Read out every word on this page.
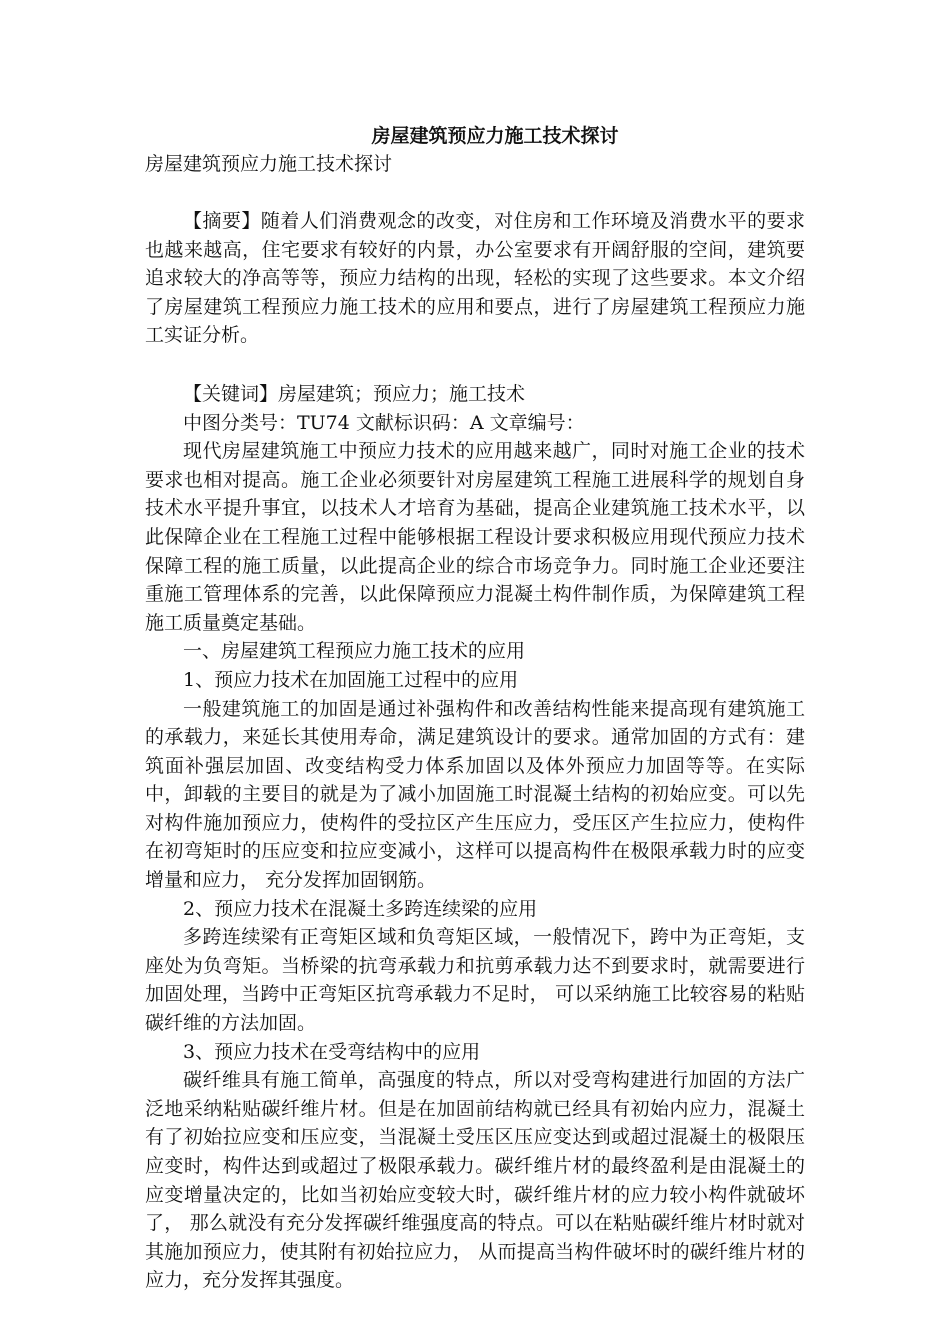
房屋建筑预应力施工技术探讨
房屋建筑预应力施工技术探讨

【摘要】随着人们消费观念的改变，对住房和工作环境及消费水平的要求也越来越高，住宅要求有较好的内景，办公室要求有开阔舒服的空间，建筑要追求较大的净高等等，预应力结构的出现，轻松的实现了这些要求。本文介绍了房屋建筑工程预应力施工技术的应用和要点，进行了房屋建筑工程预应力施工实证分析。

【关键词】房屋建筑；预应力；施工技术

中图分类号：TU74 文献标识码：A 文章编号：

现代房屋建筑施工中预应力技术的应用越来越广，同时对施工企业的技术要求也相对提高。施工企业必须要针对房屋建筑工程施工进展科学的规划自身技术水平提升事宜，以技术人才培育为基础，提高企业建筑施工技术水平，以此保障企业在工程施工过程中能够根据工程设计要求积极应用现代预应力技术保障工程的施工质量，以此提高企业的综合市场竞争力。同时施工企业还要注重施工管理体系的完善，以此保障预应力混凝土构件制作质，为保障建筑工程施工质量奠定基础。

一、房屋建筑工程预应力施工技术的应用

1、预应力技术在加固施工过程中的应用

一般建筑施工的加固是通过补强构件和改善结构性能来提高现有建筑施工的承载力，来延长其使用寿命，满足建筑设计的要求。通常加固的方式有：建筑面补强层加固、改变结构受力体系加固以及体外预应力加固等等。在实际中，卸载的主要目的就是为了减小加固施工时混凝土结构的初始应变。可以先对构件施加预应力，使构件的受拉区产生压应力，受压区产生拉应力，使构件在初弯矩时的压应变和拉应变减小，这样可以提高构件在极限承载力时的应变增量和应力， 充分发挥加固钢筋。

2、预应力技术在混凝土多跨连续梁的应用

多跨连续梁有正弯矩区域和负弯矩区域，一般情况下，跨中为正弯矩，支座处为负弯矩。当桥梁的抗弯承载力和抗剪承载力达不到要求时，就需要进行加固处理，当跨中正弯矩区抗弯承载力不足时， 可以采纳施工比较容易的粘贴碳纤维的方法加固。

3、预应力技术在受弯结构中的应用

碳纤维具有施工简单，高强度的特点，所以对受弯构建进行加固的方法广泛地采纳粘贴碳纤维片材。但是在加固前结构就已经具有初始内应力，混凝土有了初始拉应变和压应变，当混凝土受压区压应变达到或超过混凝土的极限压应变时，构件达到或超过了极限承载力。碳纤维片材的最终盈利是由混凝土的应变增量决定的，比如当初始应变较大时，碳纤维片材的应力较小构件就破坏了， 那么就没有充分发挥碳纤维强度高的特点。可以在粘贴碳纤维片材时就对其施加预应力，使其附有初始拉应力， 从而提高当构件破坏时的碳纤维片材的应力，充分发挥其强度。
